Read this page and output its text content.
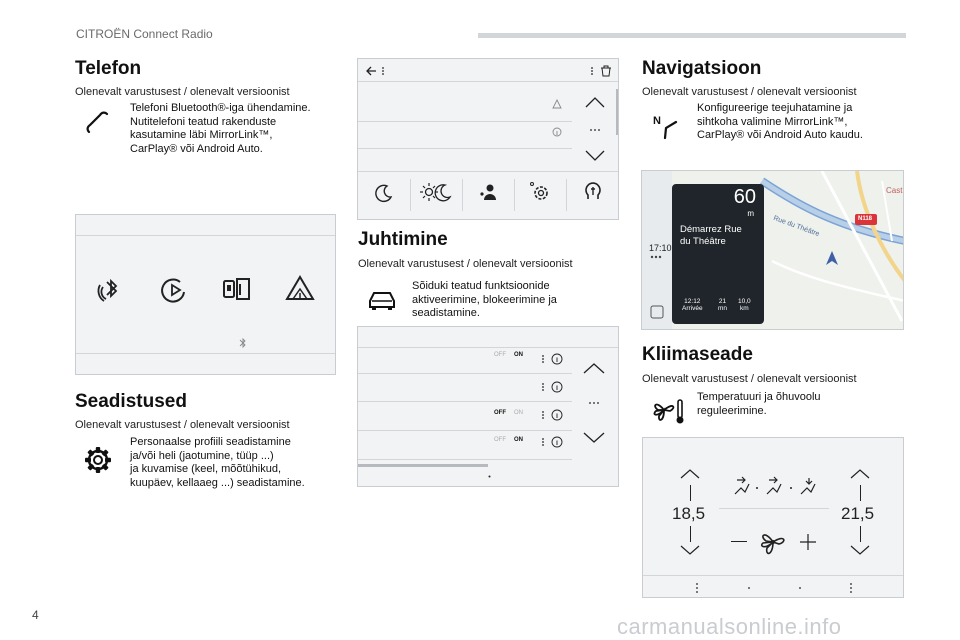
CITROËN Connect Radio
Telefon
Olenevalt varustusest / olenevalt versioonist
Telefoni Bluetooth®-iga ühendamine.
Nutitelefoni teatud rakenduste
kasutamine läbi MirrorLink™,
CarPlay® või Android Auto.
Seadistused
Olenevalt varustusest / olenevalt versioonist
Personaalse profiili seadistamine
ja/või heli (jaotumine, tüüp ...)
ja kuvamise (keel, mõõtühikud,
kuupäev, kellaaeg ...) seadistamine.
Juhtimine
Olenevalt varustusest / olenevalt versioonist
Sõiduki teatud funktsioonide
aktiveerimine, blokeerimine ja
seadistamine.
OFF ON
OFF ON
OFF ON
Navigatsioon
Olenevalt varustusest / olenevalt versioonist
N
Konfigureerige teejuhatamine ja
sihtkoha valimine MirrorLink™,
CarPlay® või Android Auto kaudu.
Rue du Théâtre	N118
Cast
17:10
60
m
Démarrez Rue
du Théâtre
12:12
Arrivée
21
mn
10,0
km
Kliimaseade
Olenevalt varustusest / olenevalt versioonist
Temperatuuri ja õhuvoolu
reguleerimine.
18,5	21,5
4	carmanualsonline.info
